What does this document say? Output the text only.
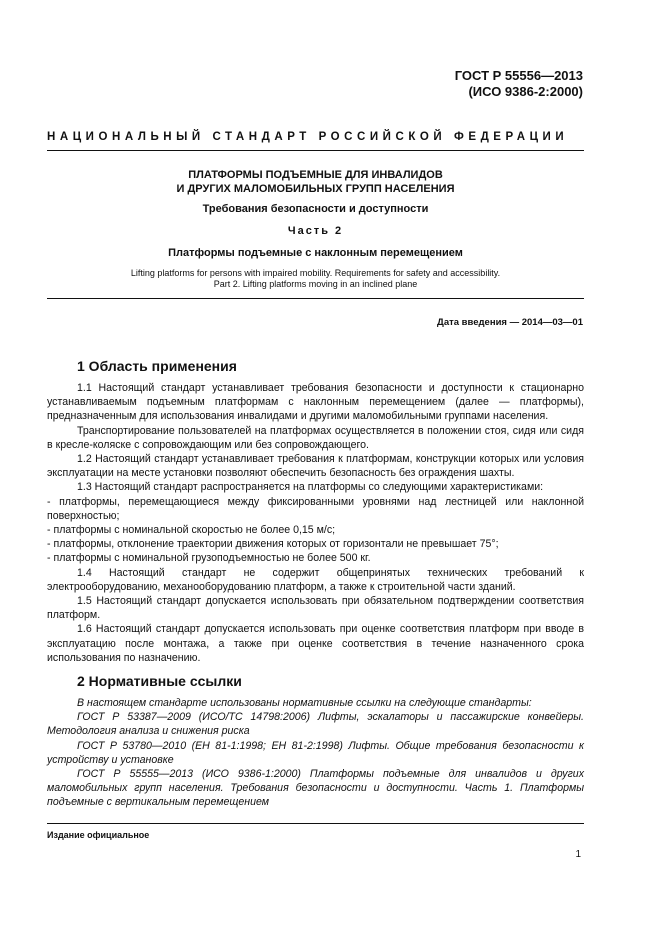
ГОСТ Р 55556—2013
(ИСО 9386-2:2000)
НАЦИОНАЛЬНЫЙ СТАНДАРТ РОССИЙСКОЙ ФЕДЕРАЦИИ
ПЛАТФОРМЫ ПОДЪЕМНЫЕ ДЛЯ ИНВАЛИДОВ
И ДРУГИХ МАЛОМОБИЛЬНЫХ ГРУПП НАСЕЛЕНИЯ
Требования безопасности и доступности
Часть 2
Платформы подъемные с наклонным перемещением
Lifting platforms for persons with impaired mobility. Requirements for safety and accessibility.
Part 2. Lifting platforms moving in an inclined plane
Дата введения — 2014—03—01
1 Область применения

1.1 Настоящий стандарт устанавливает требования безопасности и доступности к стационарно устанавливаемым подъемным платформам с наклонным перемещением (далее — платформы), предназначенным для использования инвалидами и другими маломобильными группами населения.

Транспортирование пользователей на платформах осуществляется в положении стоя, сидя или сидя в кресле-коляске с сопровождающим или без сопровождающего.

1.2 Настоящий стандарт устанавливает требования к платформам, конструкции которых или условия эксплуатации на месте установки позволяют обеспечить безопасность без ограждения шахты.

1.3 Настоящий стандарт распространяется на платформы со следующими характеристиками:

- платформы, перемещающиеся между фиксированными уровнями над лестницей или наклонной поверхностью;

- платформы с номинальной скоростью не более 0,15 м/с;

- платформы, отклонение траектории движения которых от горизонтали не превышает 75°;

- платформы с номинальной грузоподъемностью не более 500 кг.

1.4 Настоящий стандарт не содержит общепринятых технических требований к электрооборудованию, механооборудованию платформ, а также к строительной части зданий.

1.5 Настоящий стандарт допускается использовать при обязательном подтверждении соответствия платформ.

1.6 Настоящий стандарт допускается использовать при оценке соответствия платформ при вводе в эксплуатацию после монтажа, а также при оценке соответствия в течение назначенного срока использования по назначению.

2 Нормативные ссылки

В настоящем стандарте использованы нормативные ссылки на следующие стандарты:

ГОСТ Р 53387—2009 (ИСО/ТС 14798:2006) Лифты, эскалаторы и пассажирские конвейеры. Методология анализа и снижения риска

ГОСТ Р 53780—2010 (ЕН 81-1:1998; ЕН 81-2:1998) Лифты. Общие требования безопасности к устройству и установке

ГОСТ Р 55555—2013 (ИСО 9386-1:2000) Платформы подъемные для инвалидов и других маломобильных групп населения. Требования безопасности и доступности. Часть 1. Платформы подъемные с вертикальным перемещением

Издание официальное
1
